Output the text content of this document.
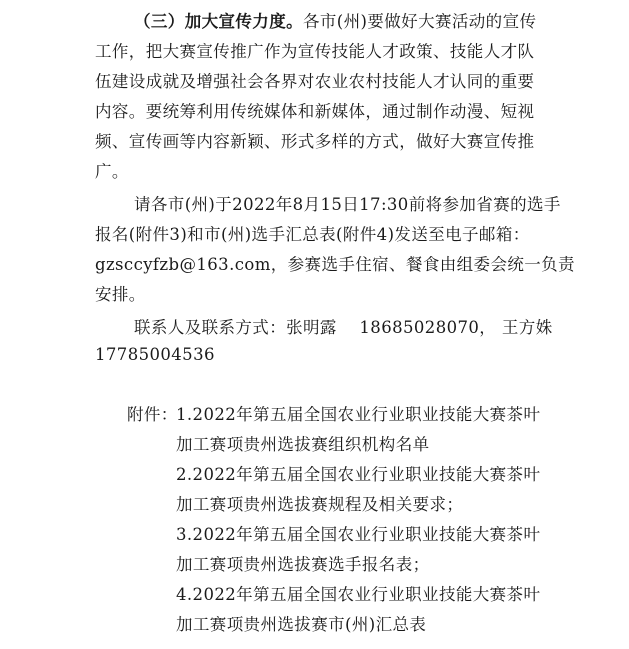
（三）加大宣传力度。各市(州)要做好大赛活动的宣传
工作，把大赛宣传推广作为宣传技能人才政策、技能人才队
伍建设成就及增强社会各界对农业农村技能人才认同的重要
内容。要统筹利用传统媒体和新媒体，通过制作动漫、短视
频、宣传画等内容新颖、形式多样的方式，做好大赛宣传推
广。
请各市(州)于2022年8月15日17:30前将参加省赛的选手
报名(附件3)和市(州)选手汇总表(附件4)发送至电子邮箱：
gzsccyfzb@163.com，参赛选手住宿、餐食由组委会统一负责
安排。
联系人及联系方式：张明露 18685028070， 王方姝
17785004536
附件：
1.2022年第五届全国农业行业职业技能大赛茶叶
加工赛项贵州选拔赛组织机构名单
2.2022年第五届全国农业行业职业技能大赛茶叶
加工赛项贵州选拔赛规程及相关要求；
3.2022年第五届全国农业行业职业技能大赛茶叶
加工赛项贵州选拔赛选手报名表；
4.2022年第五届全国农业行业职业技能大赛茶叶
加工赛项贵州选拔赛市(州)汇总表
